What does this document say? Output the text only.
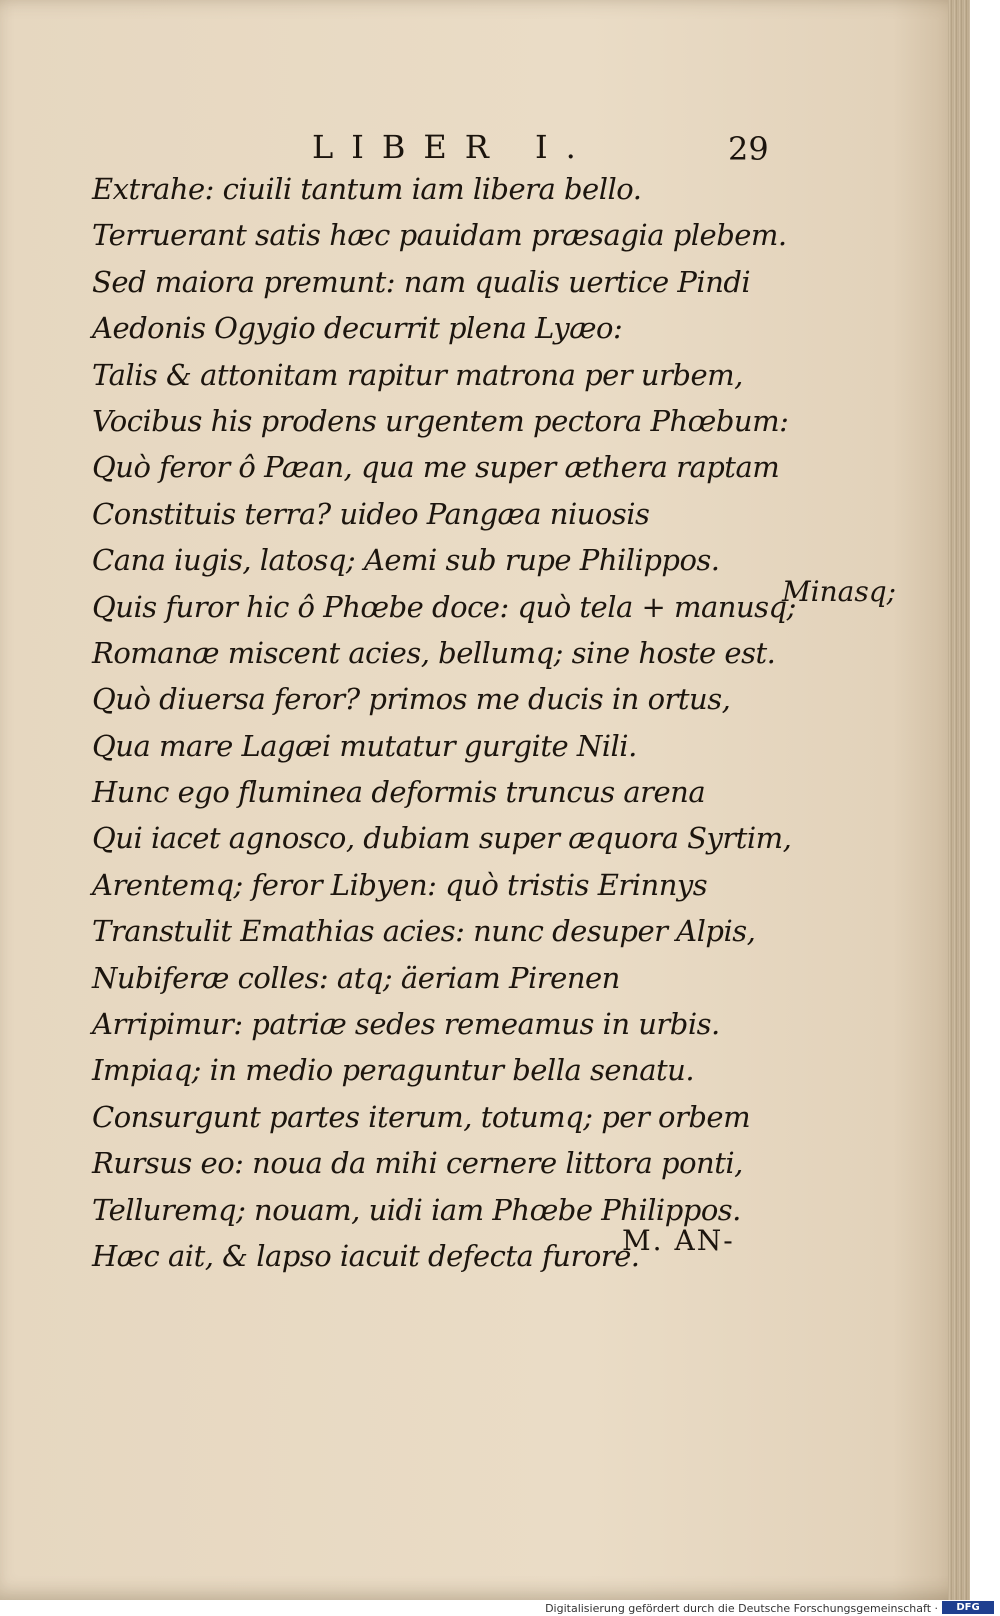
LIBER I.	29
Extrahe: ciuili tantum iam libera bello.
Terruerant satis hæc pauidam præsagia plebem.
Sed maiora premunt: nam qualis uertice Pindi
Aedonis Ogygio decurrit plena Lyæo:
Talis & attonitam rapitur matrona per urbem,
Vocibus his prodens urgentem pectora Phœbum:
Quò feror ô Pæan, qua me super æthera raptam
Constituis terra? uideo Pangæa niuosis
Cana iugis, latosq; Aemi sub rupe Philippos.
Quis furor hic ô Phœbe doce: quò tela + manusq;
Romanæ miscent acies, bellumq; sine hoste est.
Quò diuersa feror? primos me ducis in ortus,
Qua mare Lagæi mutatur gurgite Nili.
Hunc ego fluminea deformis truncus arena
Qui iacet agnosco, dubiam super æquora Syrtim,
Arentemq; feror Libyen: quò tristis Erinnys
Transtulit Emathias acies: nunc desuper Alpis,
Nubiferæ colles: atq; äeriam Pirenen
Arripimur: patriæ sedes remeamus in urbis.
Impiaq; in medio peraguntur bella senatu.
Consurgunt partes iterum, totumq; per orbem
Rursus eo: noua da mihi cernere littora ponti,
Telluremq; nouam, uidi iam Phœbe Philippos.
Hæc ait, & lapso iacuit defecta furore.
Minasq;
M. AN-
Digitalisierung gefördert durch die Deutsche Forschungsgemeinschaft ·	DFG
